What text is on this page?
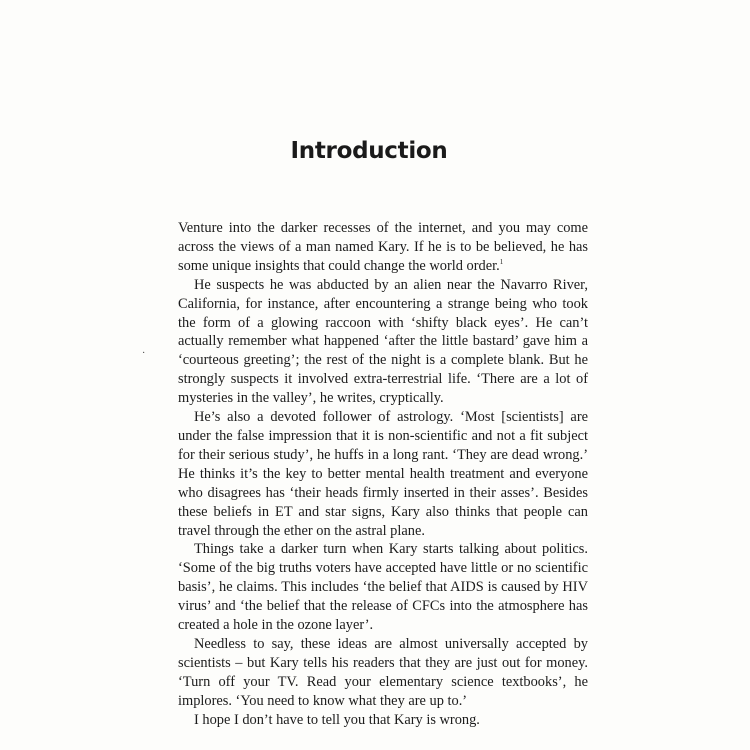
Introduction
·

Venture into the darker recesses of the internet, and you may come across the views of a man named Kary. If he is to be believed, he has some unique insights that could change the world order.$^1$

He suspects he was abducted by an alien near the Navarro River, California, for instance, after encountering a strange being who took the form of a glowing raccoon with ‘shifty black eyes’. He can’t actually remember what happened ‘after the little bastard’ gave him a ‘courteous greeting’; the rest of the night is a complete blank. But he strongly suspects it involved extra-terrestrial life. ‘There are a lot of mysteries in the valley’, he writes, cryptically.

He’s also a devoted follower of astrology. ‘Most [scientists] are under the false impression that it is non-scientific and not a fit subject for their serious study’, he huffs in a long rant. ‘They are dead wrong.’ He thinks it’s the key to better mental health treatment and everyone who disagrees has ‘their heads firmly inserted in their asses’. Besides these beliefs in ET and star signs, Kary also thinks that people can travel through the ether on the astral plane.

Things take a darker turn when Kary starts talking about politics. ‘Some of the big truths voters have accepted have little or no scientific basis’, he claims. This includes ‘the belief that AIDS is caused by HIV virus’ and ‘the belief that the release of CFCs into the atmosphere has created a hole in the ozone layer’.

Needless to say, these ideas are almost universally accepted by scientists – but Kary tells his readers that they are just out for money. ‘Turn off your TV. Read your elementary science textbooks’, he implores. ‘You need to know what they are up to.’

I hope I don’t have to tell you that Kary is wrong.
